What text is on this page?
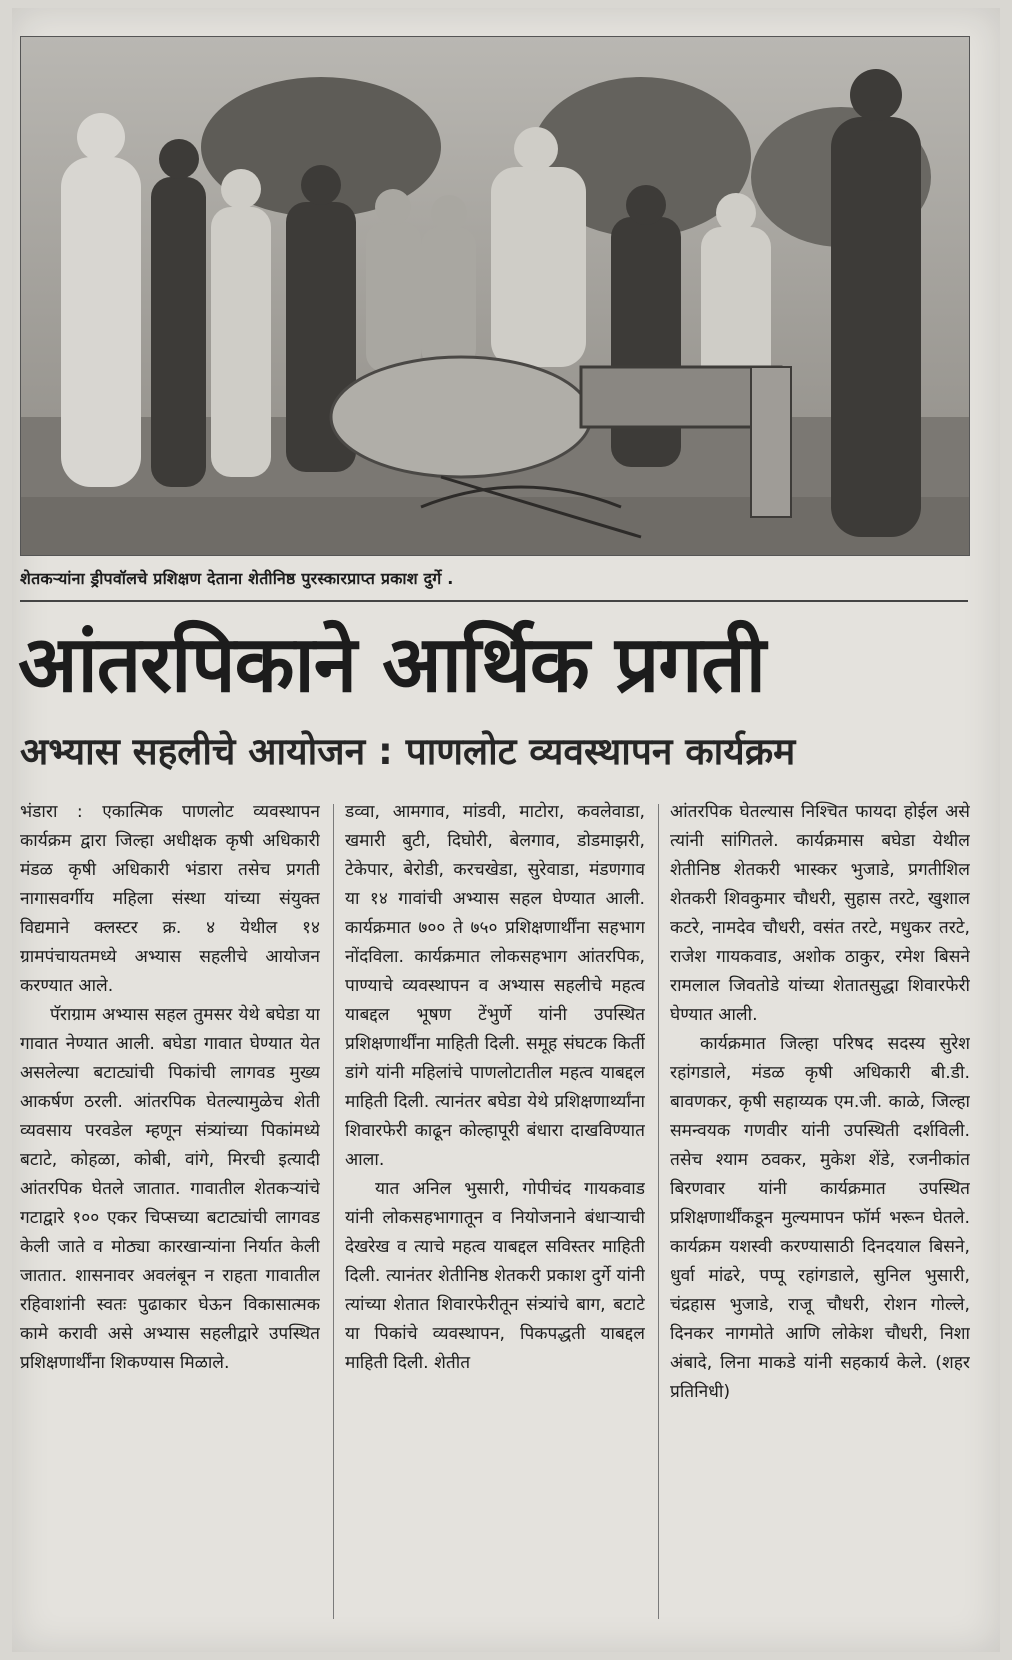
शेतकऱ्यांना ड्रीपवॉलचे प्रशिक्षण देताना शेतीनिष्ठ पुरस्कारप्राप्त प्रकाश दुर्गे .
आंतरपिकाने आर्थिक प्रगती
अभ्यास सहलीचे आयोजन : पाणलोट व्यवस्थापन कार्यक्रम

भंडारा : एकात्मिक पाणलोट व्यवस्थापन कार्यक्रम द्वारा जिल्हा अधीक्षक कृषी अधिकारी मंडळ कृषी अधिकारी भंडारा तसेच प्रगती नागासवर्गीय महिला संस्था यांच्या संयुक्त विद्यमाने क्लस्टर क्र. ४ येथील १४ ग्रामपंचायतमध्ये अभ्यास सहलीचे आयोजन करण्यात आले.

पॅराग्राम अभ्यास सहल तुमसर येथे बघेडा या गावात नेण्यात आली. बघेडा गावात घेण्यात येत असलेल्या बटाट्यांची पिकांची लागवड मुख्य आकर्षण ठरली. आंतरपिक घेतल्यामुळेच शेती व्यवसाय परवडेल म्हणून संत्र्यांच्या पिकांमध्ये बटाटे, कोहळा, कोबी, वांगे, मिरची इत्यादी आंतरपिक घेतले जातात. गावातील शेतकऱ्यांचे गटाद्वारे १०० एकर चिप्सच्या बटाट्यांची लागवड केली जाते व मोठ्या कारखान्यांना निर्यात केली जातात. शासनावर अवलंबून न राहता गावातील रहिवाशांनी स्वतः पुढाकार घेऊन विकासात्मक कामे करावी असे अभ्यास सहलीद्वारे उपस्थित प्रशिक्षणार्थींना शिकण्यास मिळाले.

डव्वा, आमगाव, मांडवी, माटोरा, कवलेवाडा, खमारी बुटी, दिघोरी, बेलगाव, डोडमाझरी, टेकेपार, बेरोडी, करचखेडा, सुरेवाडा, मंडणगाव या १४ गावांची अभ्यास सहल घेण्यात आली. कार्यक्रमात ७०० ते ७५० प्रशिक्षणार्थींना सहभाग नोंदविला. कार्यक्रमात लोकसहभाग आंतरपिक, पाण्याचे व्यवस्थापन व अभ्यास सहलीचे महत्व याबद्दल भूषण टेंभुर्णे यांनी उपस्थित प्रशिक्षणार्थींना माहिती दिली. समूह संघटक किर्ती डांगे यांनी महिलांचे पाणलोटातील महत्व याबद्दल माहिती दिली. त्यानंतर बघेडा येथे प्रशिक्षणार्थ्यांना शिवारफेरी काढून कोल्हापूरी बंधारा दाखविण्यात आला.

यात अनिल भुसारी, गोपीचंद गायकवाड यांनी लोकसहभागातून व नियोजनाने बंधाऱ्याची देखरेख व त्याचे महत्व याबद्दल सविस्तर माहिती दिली. त्यानंतर शेतीनिष्ठ शेतकरी प्रकाश दुर्गे यांनी त्यांच्या शेतात शिवारफेरीतून संत्र्यांचे बाग, बटाटे या पिकांचे व्यवस्थापन, पिकपद्धती याबद्दल माहिती दिली. शेतीत

आंतरपिक घेतल्यास निश्चित फायदा होईल असे त्यांनी सांगितले. कार्यक्रमास बघेडा येथील शेतीनिष्ठ शेतकरी भास्कर भुजाडे, प्रगतीशिल शेतकरी शिवकुमार चौधरी, सुहास तरटे, खुशाल कटरे, नामदेव चौधरी, वसंत तरटे, मधुकर तरटे, राजेश गायकवाड, अशोक ठाकुर, रमेश बिसने रामलाल जिवतोडे यांच्या शेतातसुद्धा शिवारफेरी घेण्यात आली.

कार्यक्रमात जिल्हा परिषद सदस्य सुरेश रहांगडाले, मंडळ कृषी अधिकारी बी.डी. बावणकर, कृषी सहाय्यक एम.जी. काळे, जिल्हा समन्वयक गणवीर यांनी उपस्थिती दर्शविली. तसेच श्याम ठवकर, मुकेश शेंडे, रजनीकांत बिरणवार यांनी कार्यक्रमात उपस्थित प्रशिक्षणार्थींकडून मुल्यमापन फॉर्म भरून घेतले. कार्यक्रम यशस्वी करण्यासाठी दिनदयाल बिसने, धुर्वा मांढरे, पप्पू रहांगडाले, सुनिल भुसारी, चंद्रहास भुजाडे, राजू चौधरी, रोशन गोल्ले, दिनकर नागमोते आणि लोकेश चौधरी, निशा अंबादे, लिना माकडे यांनी सहकार्य केले. (शहर प्रतिनिधी)
